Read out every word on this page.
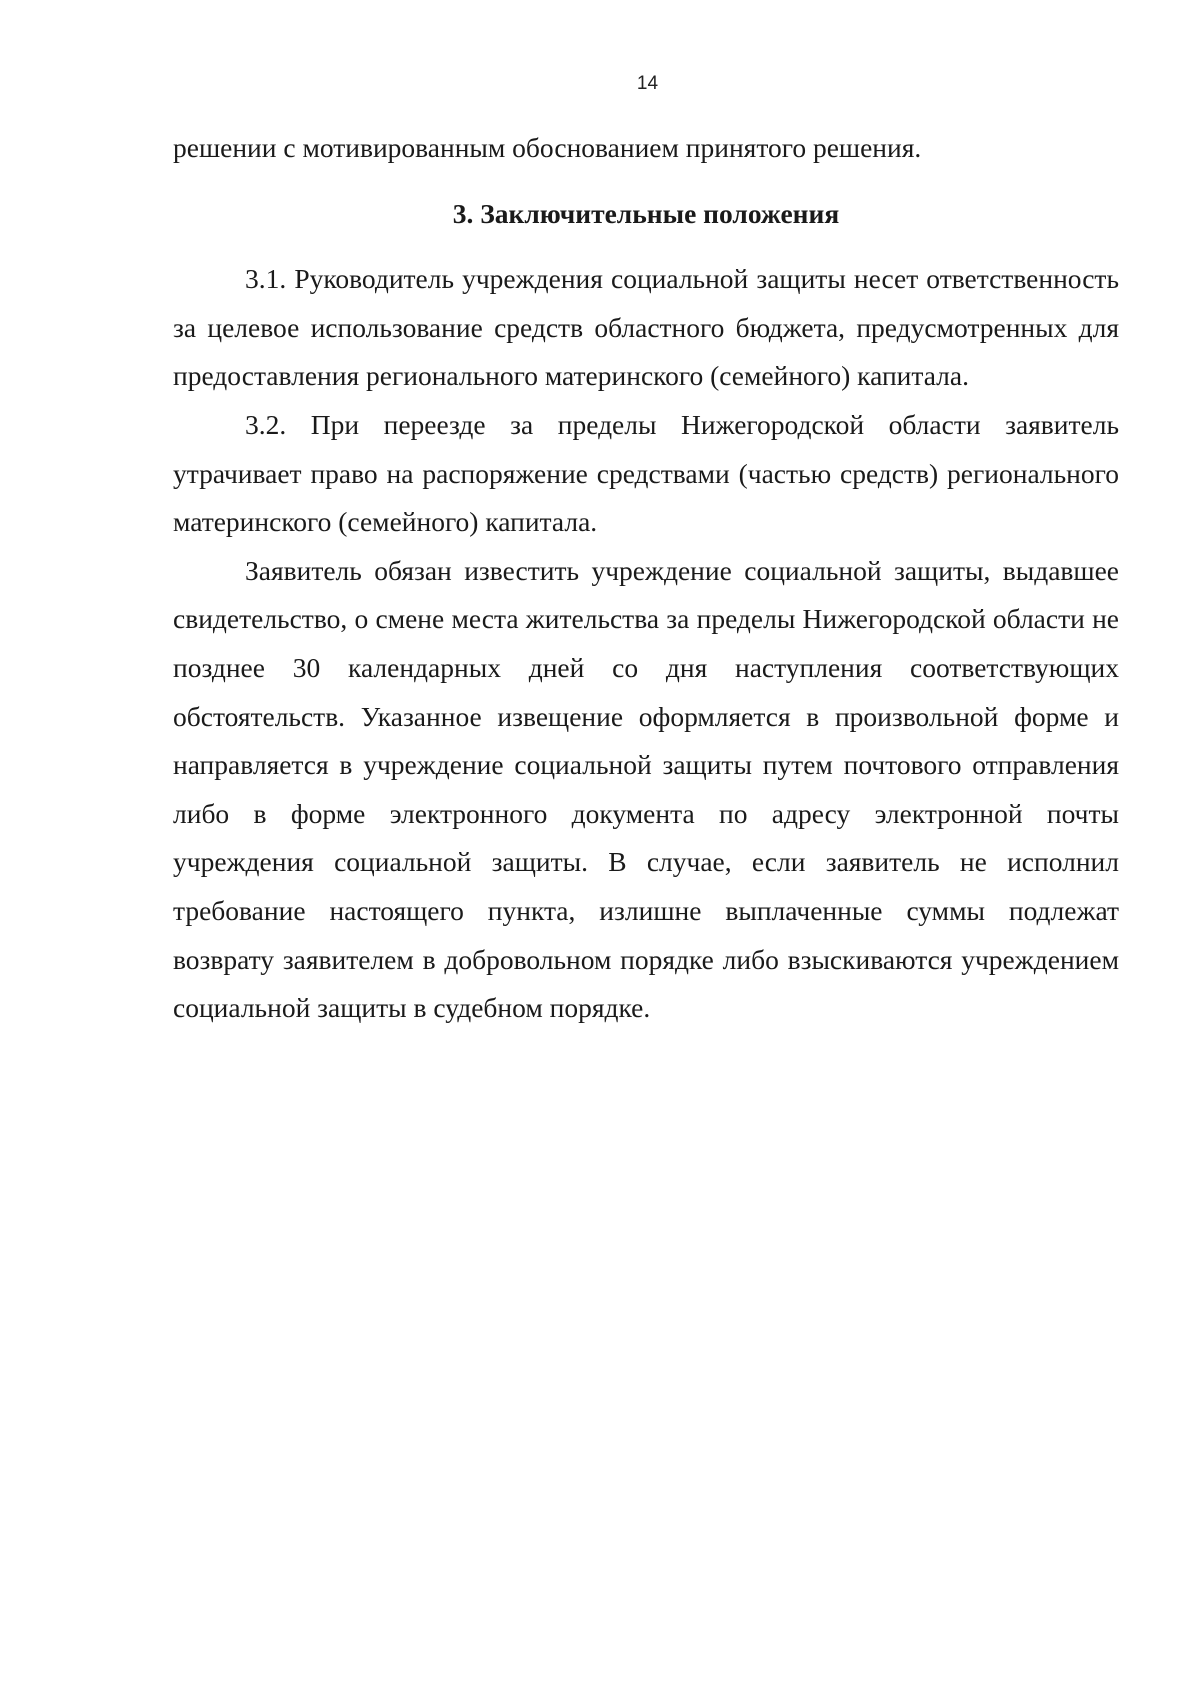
14

решении с мотивированным обоснованием принятого решения.

3. Заключительные положения

3.1. Руководитель учреждения социальной защиты несет ответственность за целевое использование средств областного бюджета, предусмотренных для предоставления регионального материнского (семейного) капитала.

3.2. При переезде за пределы Нижегородской области заявитель утрачивает право на распоряжение средствами (частью средств) регионального материнского (семейного) капитала.

Заявитель обязан известить учреждение социальной защиты, выдавшее свидетельство, о смене места жительства за пределы Нижегородской области не позднее 30 календарных дней со дня наступления соответствующих обстоятельств. Указанное извещение оформляется в произвольной форме и направляется в учреждение социальной защиты путем почтового отправления либо в форме электронного документа по адресу электронной почты учреждения социальной защиты. В случае, если заявитель не исполнил требование настоящего пункта, излишне выплаченные суммы подлежат возврату заявителем в добровольном порядке либо взыскиваются учреждением социальной защиты в судебном порядке.
